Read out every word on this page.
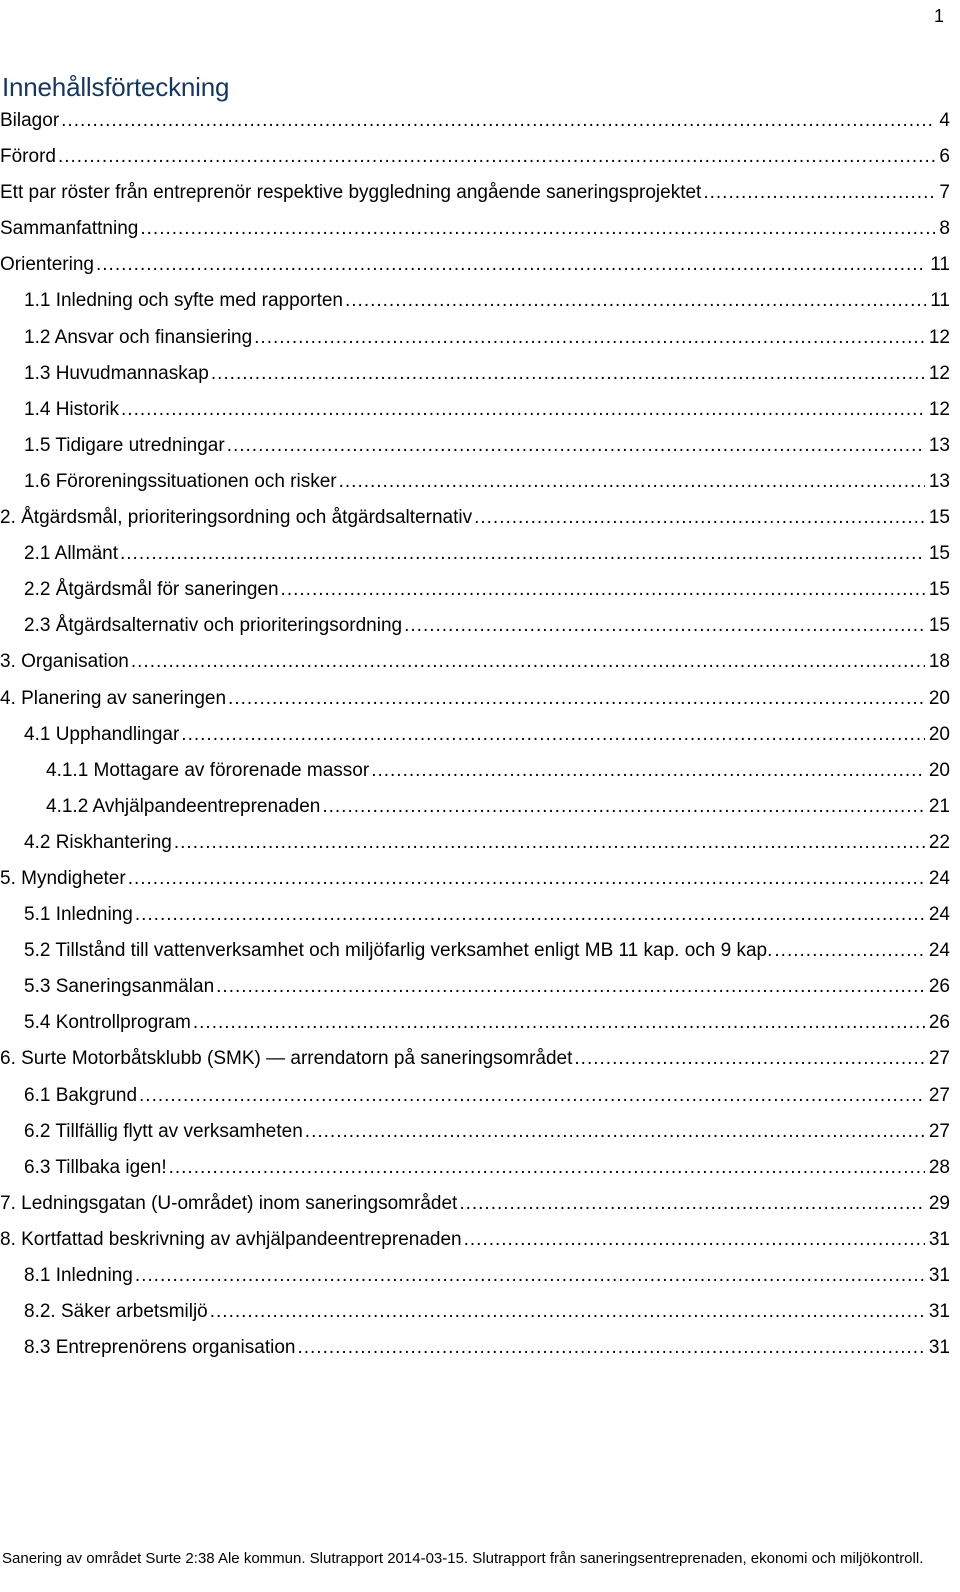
1
Innehållsförteckning
Bilagor .....	4
Förord .....	6
Ett par röster från entreprenör respektive byggledning angående saneringsprojektet .....	7
Sammanfattning .....	8
Orientering .....	11
1.1 Inledning och syfte med rapporten .....	11
1.2 Ansvar och finansiering .....	12
1.3 Huvudmannaskap .....	12
1.4 Historik .....	12
1.5 Tidigare utredningar .....	13
1.6 Föroreningssituationen och risker .....	13
2. Åtgärdsmål, prioriteringsordning och åtgärdsalternativ .....	15
2.1 Allmänt .....	15
2.2 Åtgärdsmål för saneringen .....	15
2.3 Åtgärdsalternativ och prioriteringsordning .....	15
3. Organisation .....	18
4. Planering av saneringen .....	20
4.1 Upphandlingar .....	20
4.1.1 Mottagare av förorenade massor .....	20
4.1.2 Avhjälpandeentreprenaden .....	21
4.2 Riskhantering .....	22
5. Myndigheter .....	24
5.1 Inledning .....	24
5.2 Tillstånd till vattenverksamhet och miljöfarlig verksamhet enligt MB 11 kap. och 9 kap. .....	24
5.3 Saneringsanmälan .....	26
5.4 Kontrollprogram .....	26
6. Surte Motorbåtsklubb (SMK) — arrendatorn på saneringsområdet .....	27
6.1 Bakgrund .....	27
6.2 Tillfällig flytt av verksamheten .....	27
6.3 Tillbaka igen! .....	28
7. Ledningsgatan (U-området) inom saneringsområdet .....	29
8. Kortfattad beskrivning av avhjälpandeentreprenaden .....	31
8.1 Inledning .....	31
8.2. Säker arbetsmiljö .....	31
8.3 Entreprenörens organisation .....	31
Sanering av området Surte 2:38 Ale kommun. Slutrapport 2014-03-15. Slutrapport från saneringsentreprenaden, ekonomi och miljökontroll.
